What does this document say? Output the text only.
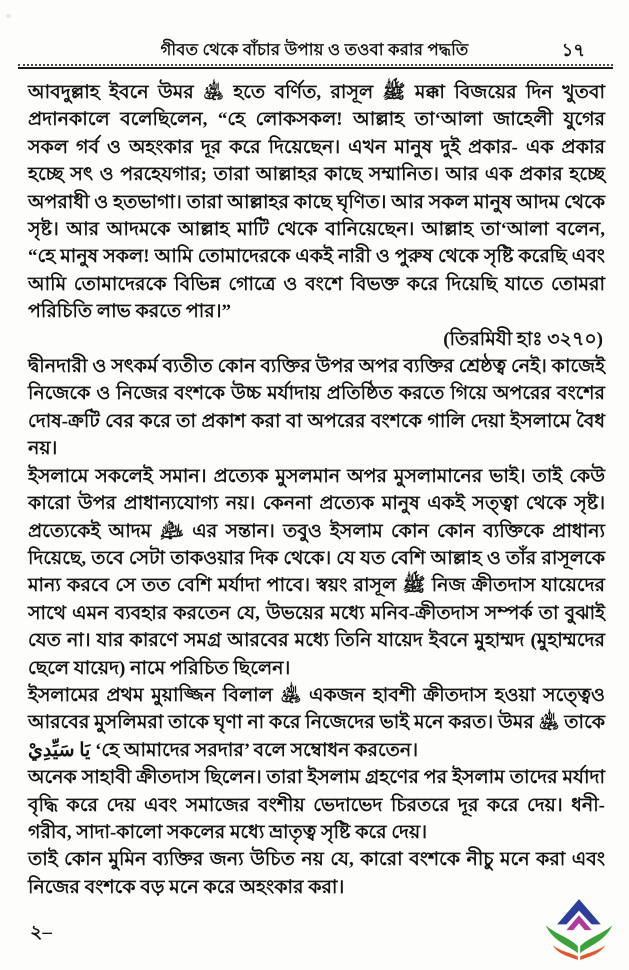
গীবত থেকে বাঁচার উপায় ও তওবা করার পদ্ধতি	১৭

আবদুল্লাহ ইবনে উমর ﵁ হতে বর্ণিত, রাসূল ﷺ মক্কা বিজয়ের দিন খুতবা প্রদানকালে বলেছিলেন, “হে লোকসকল! আল্লাহ তা‘আলা জাহেলী যুগের সকল গর্ব ও অহংকার দূর করে দিয়েছেন। এখন মানুষ দুই প্রকার- এক প্রকার হচ্ছে সৎ ও পরহেযগার; তারা আল্লাহর কাছে সম্মানিত। আর এক প্রকার হচ্ছে অপরাধী ও হতভাগা। তারা আল্লাহর কাছে ঘৃণিত। আর সকল মানুষ আদম থেকে সৃষ্ট। আর আদমকে আল্লাহ মাটি থেকে বানিয়েছেন। আল্লাহ তা‘আলা বলেন, “হে মানুষ সকল! আমি তোমাদেরকে একই নারী ও পুরুষ থেকে সৃষ্টি করেছি এবং আমি তোমাদেরকে বিভিন্ন গোত্রে ও বংশে বিভক্ত করে দিয়েছি যাতে তোমরা পরিচিতি লাভ করতে পার।”

(তিরমিযী হাঃ ৩২৭০)

দ্বীনদারী ও সৎকর্ম ব্যতীত কোন ব্যক্তির উপর অপর ব্যক্তির শ্রেষ্ঠত্ব নেই। কাজেই নিজেকে ও নিজের বংশকে উচ্চ মর্যাদায় প্রতিষ্ঠিত করতে গিয়ে অপরের বংশের দোষ-ক্রটি বের করে তা প্রকাশ করা বা অপরের বংশকে গালি দেয়া ইসলামে বৈধ নয়।

ইসলামে সকলেই সমান। প্রত্যেক মুসলমান অপর মুসলামানের ভাই। তাই কেউ কারো উপর প্রাধান্যযোগ্য নয়। কেননা প্রত্যেক মানুষ একই সত্ত্বা থেকে সৃষ্ট। প্রত্যেকেই আদম ﵇ এর সন্তান। তবুও ইসলাম কোন কোন ব্যক্তিকে প্রাধান্য দিয়েছে, তবে সেটা তাকওয়ার দিক থেকে। যে যত বেশি আল্লাহ ও তাঁর রাসূলকে মান্য করবে সে তত বেশি মর্যাদা পাবে। স্বয়ং রাসূল ﷺ নিজ ক্রীতদাস যায়েদের সাথে এমন ব্যবহার করতেন যে, উভয়ের মধ্যে মনিব-ক্রীতদাস সম্পর্ক তা বুঝাই যেত না। যার কারণে সমগ্র আরবের মধ্যে তিনি যায়েদ ইবনে মুহাম্মদ (মুহাম্মদের ছেলে যায়েদ) নামে পরিচিত ছিলেন।

ইসলামের প্রথম মুয়াজ্জিন বিলাল ﵁ একজন হাবশী ক্রীতদাস হওয়া সত্ত্বেও আরবের মুসলিমরা তাকে ঘৃণা না করে নিজেদের ভাই মনে করত। উমর ﵁ তাকে يَا سَيِّدِيْ ‘হে আমাদের সরদার’ বলে সম্বোধন করতেন।

অনেক সাহাবী ক্রীতদাস ছিলেন। তারা ইসলাম গ্রহণের পর ইসলাম তাদের মর্যাদা বৃদ্ধি করে দেয় এবং সমাজের বংশীয় ভেদাভেদ চিরতরে দূর করে দেয়। ধনী-গরীব, সাদা-কালো সকলের মধ্যে ভ্রাতৃত্ব সৃষ্টি করে দেয়।

তাই কোন মুমিন ব্যক্তির জন্য উচিত নয় যে, কারো বংশকে নীচু মনে করা এবং নিজের বংশকে বড় মনে করে অহংকার করা।

২–
